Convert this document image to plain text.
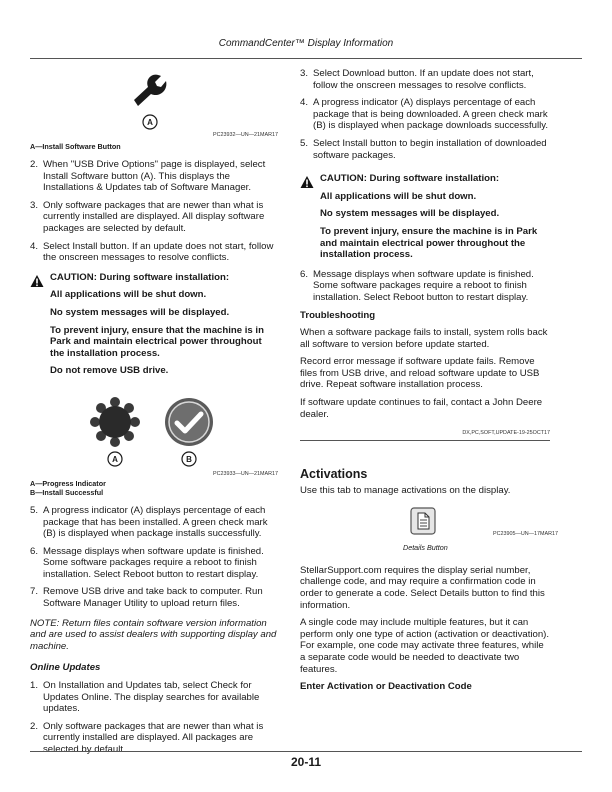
CommandCenter™ Display Information
A
PC23932—UN—21MAR17
A—Install Software Button
2. When "USB Drive Options" page is displayed, select Install Software button (A). This displays the Installations & Updates tab of Software Manager.
3. Only software packages that are newer than what is currently installed are displayed. All display software packages are selected by default.
4. Select Install button. If an update does not start, follow the onscreen messages to resolve conflicts.

CAUTION: During software installation:

All applications will be shut down.

No system messages will be displayed.

To prevent injury, ensure that the machine is in Park and maintain electrical power throughout the installation process.

Do not remove USB drive.

A	B
PC23933—UN—21MAR17
A—Progress Indicator
B—Install Successful
5. A progress indicator (A) displays percentage of each package that has been installed. A green check mark (B) is displayed when package installs successfully.
6. Message displays when software update is finished. Some software packages require a reboot to finish installation. Select Reboot button to restart display.
7. Remove USB drive and take back to computer. Run Software Manager Utility to upload return files.
NOTE: Return files contain software version information and are used to assist dealers with supporting display and machine.
Online Updates
1. On Installation and Updates tab, select Check for Updates Online. The display searches for available updates.
2. Only software packages that are newer than what is currently installed are displayed. All packages are selected by default.
3. Select Download button. If an update does not start, follow the onscreen messages to resolve conflicts.
4. A progress indicator (A) displays percentage of each package that is being downloaded. A green check mark (B) is displayed when package downloads successfully.
5. Select Install button to begin installation of downloaded software packages.

CAUTION: During software installation:

All applications will be shut down.

No system messages will be displayed.

To prevent injury, ensure the machine is in Park and maintain electrical power throughout the installation process.

6. Message displays when software update is finished. Some software packages require a reboot to finish installation. Select Reboot button to restart display.
Troubleshooting
When a software package fails to install, system rolls back all software to version before update started.
Record error message if software update fails. Remove files from USB drive, and reload software update to USB drive. Repeat software installation process.
If software update continues to fail, contact a John Deere dealer.
DX,PC,SOFT,UPDATE-19-25OCT17
Activations
Use this tab to manage activations on the display.
PC23905—UN—17MAR17
Details Button
StellarSupport.com requires the display serial number, challenge code, and may require a confirmation code in order to generate a code. Select Details button to find this information.
A single code may include multiple features, but it can perform only one type of action (activation or deactivation). For example, one code may activate three features, while a separate code would be needed to deactivate two features.
Enter Activation or Deactivation Code
20-11
